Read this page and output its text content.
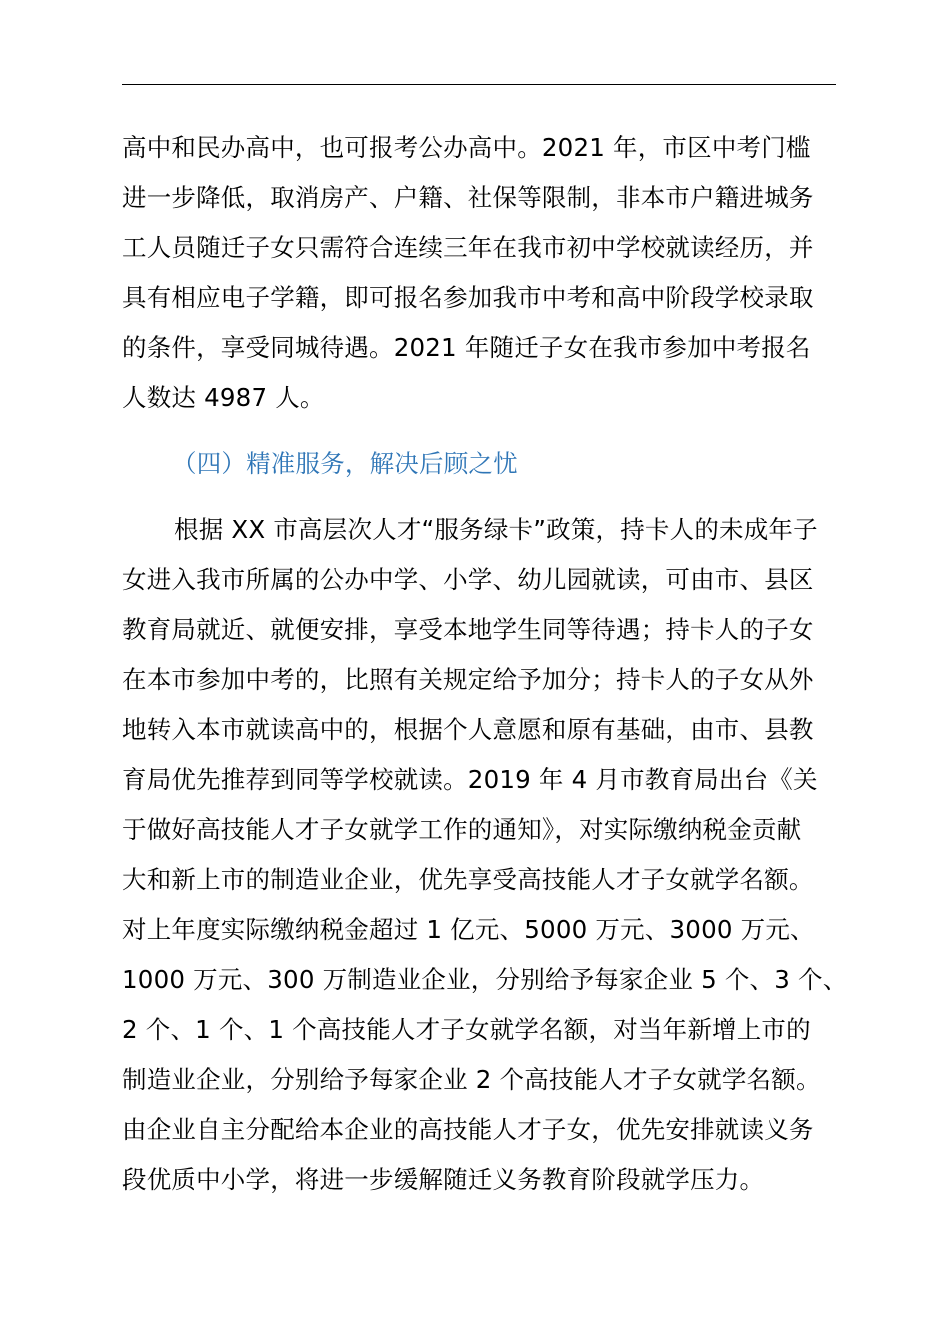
高中和民办高中，也可报考公办高中。2021 年，市区中考门槛
进一步降低，取消房产、户籍、社保等限制，非本市户籍进城务
工人员随迁子女只需符合连续三年在我市初中学校就读经历，并
具有相应电子学籍，即可报名参加我市中考和高中阶段学校录取
的条件，享受同城待遇。2021 年随迁子女在我市参加中考报名
人数达 4987 人。
（四）精准服务，解决后顾之忧
根据 XX 市高层次人才“服务绿卡”政策，持卡人的未成年子
女进入我市所属的公办中学、小学、幼儿园就读，可由市、县区
教育局就近、就便安排，享受本地学生同等待遇；持卡人的子女
在本市参加中考的，比照有关规定给予加分；持卡人的子女从外
地转入本市就读高中的，根据个人意愿和原有基础，由市、县教
育局优先推荐到同等学校就读。2019 年 4 月市教育局出台《关
于做好高技能人才子女就学工作的通知》，对实际缴纳税金贡献
大和新上市的制造业企业，优先享受高技能人才子女就学名额。
对上年度实际缴纳税金超过 1 亿元、5000 万元、3000 万元、
1000 万元、300 万制造业企业，分别给予每家企业 5 个、3 个、
2 个、1 个、1 个高技能人才子女就学名额，对当年新增上市的
制造业企业，分别给予每家企业 2 个高技能人才子女就学名额。
由企业自主分配给本企业的高技能人才子女，优先安排就读义务
段优质中小学，将进一步缓解随迁义务教育阶段就学压力。
